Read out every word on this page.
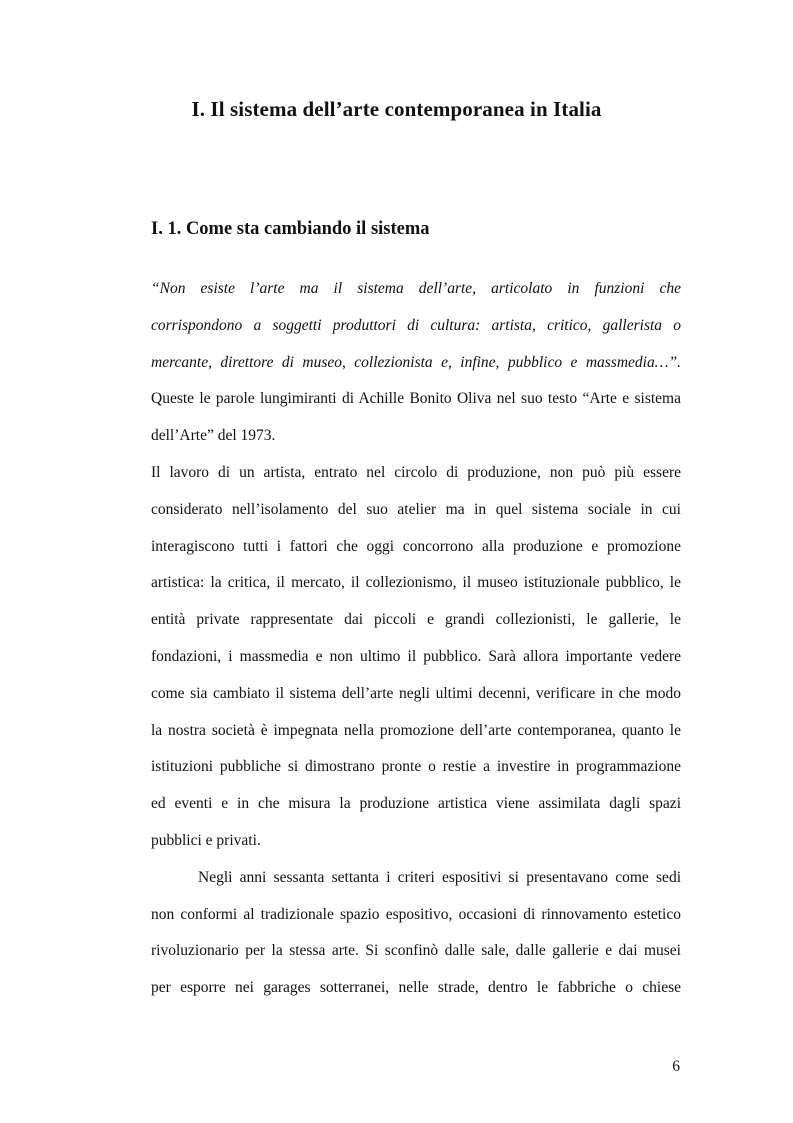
I. Il sistema dell’arte contemporanea in Italia
I. 1. Come sta cambiando il sistema
“Non esiste l’arte ma il sistema dell’arte, articolato in funzioni che
corrispondono a soggetti produttori di cultura: artista, critico, gallerista o
mercante, direttore di museo, collezionista e, infine, pubblico e massmedia…”.
Queste le parole lungimiranti di Achille Bonito Oliva nel suo testo “Arte e sistema
dell’Arte” del 1973.
Il lavoro di un artista, entrato nel circolo di produzione, non può più essere
considerato nell’isolamento del suo atelier ma in quel sistema sociale in cui
interagiscono tutti i fattori che oggi concorrono alla produzione e promozione
artistica: la critica, il mercato, il collezionismo, il museo istituzionale pubblico, le
entità private rappresentate dai piccoli e grandi collezionisti, le gallerie, le
fondazioni, i massmedia e non ultimo il pubblico. Sarà allora importante vedere
come sia cambiato il sistema dell’arte negli ultimi decenni, verificare in che modo
la nostra società è impegnata nella promozione dell’arte contemporanea, quanto le
istituzioni pubbliche si dimostrano pronte o restie a investire in programmazione
ed eventi e in che misura la produzione artistica viene assimilata dagli spazi
pubblici e privati.
Negli anni sessanta settanta i criteri espositivi si presentavano come sedi
non conformi al tradizionale spazio espositivo, occasioni di rinnovamento estetico
rivoluzionario per la stessa arte. Si sconfinò dalle sale, dalle gallerie e dai musei
per esporre nei garages sotterranei, nelle strade, dentro le fabbriche o chiese
6
